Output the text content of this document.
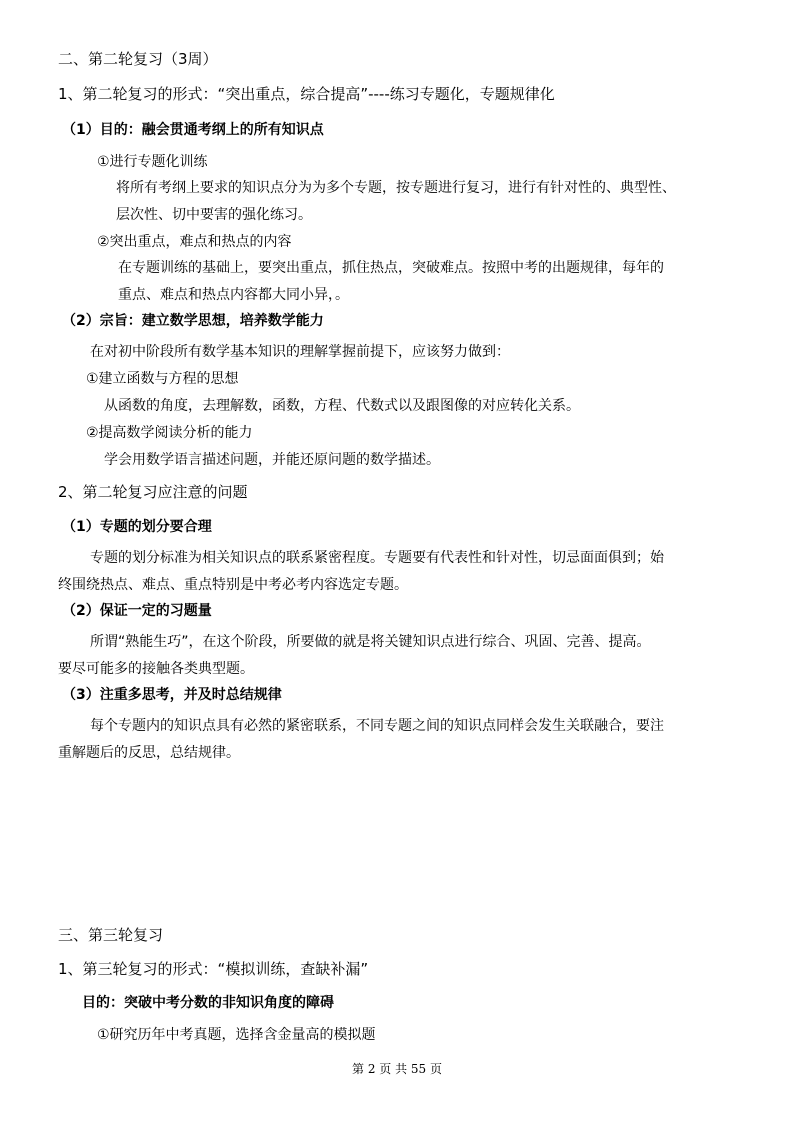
二、第二轮复习（3周）
1、第二轮复习的形式：“突出重点，综合提高”----练习专题化，专题规律化
（1）目的：融会贯通考纲上的所有知识点
①进行专题化训练
将所有考纲上要求的知识点分为为多个专题，按专题进行复习，进行有针对性的、典型性、
层次性、切中要害的强化练习。
②突出重点，难点和热点的内容
在专题训练的基础上，要突出重点，抓住热点，突破难点。按照中考的出题规律，每年的
重点、难点和热点内容都大同小异，。
（2）宗旨：建立数学思想，培养数学能力
在对初中阶段所有数学基本知识的理解掌握前提下，应该努力做到：
①建立函数与方程的思想
从函数的角度，去理解数，函数，方程、代数式以及跟图像的对应转化关系。
②提高数学阅读分析的能力
学会用数学语言描述问题，并能还原问题的数学描述。
2、第二轮复习应注意的问题
（1）专题的划分要合理
专题的划分标准为相关知识点的联系紧密程度。专题要有代表性和针对性，切忌面面俱到；始
终围绕热点、难点、重点特别是中考必考内容选定专题。
（2）保证一定的习题量
所谓“熟能生巧”，在这个阶段，所要做的就是将关键知识点进行综合、巩固、完善、提高。
要尽可能多的接触各类典型题。
（3）注重多思考，并及时总结规律
每个专题内的知识点具有必然的紧密联系，不同专题之间的知识点同样会发生关联融合，要注
重解题后的反思，总结规律。
三、第三轮复习
1、第三轮复习的形式：“模拟训练，查缺补漏”
目的：突破中考分数的非知识角度的障碍
①研究历年中考真题，选择含金量高的模拟题
第 2 页 共 55 页
